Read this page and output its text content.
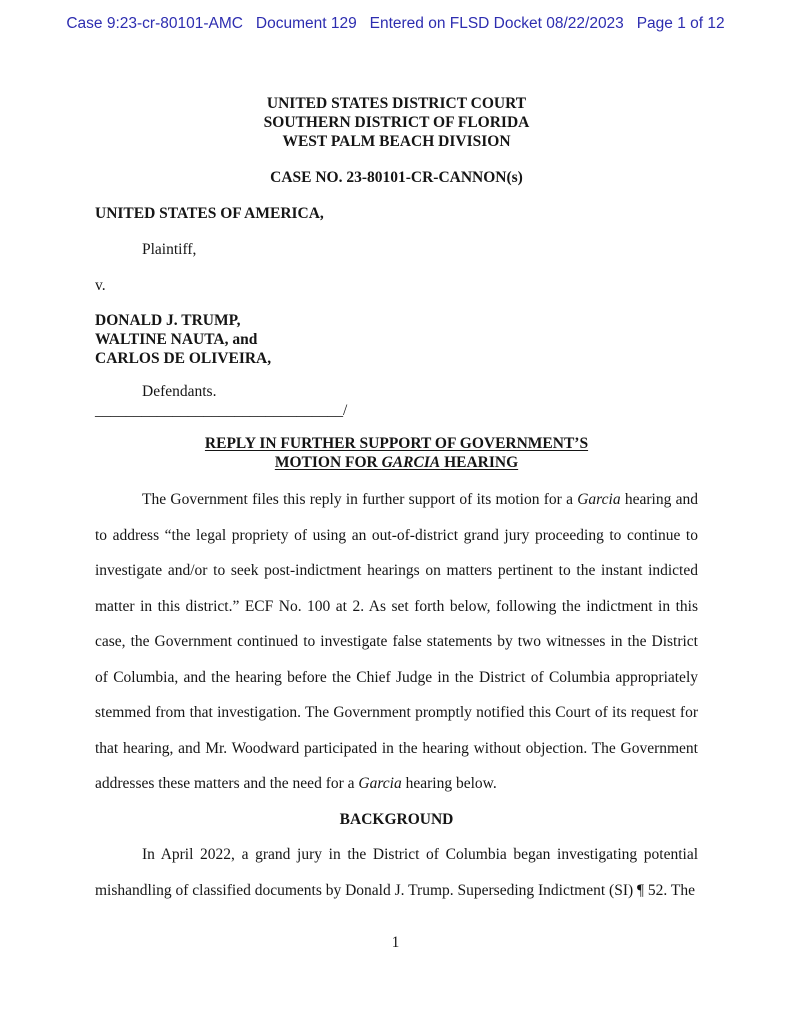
Case 9:23-cr-80101-AMC   Document 129   Entered on FLSD Docket 08/22/2023   Page 1 of 12
UNITED STATES DISTRICT COURT
SOUTHERN DISTRICT OF FLORIDA
WEST PALM BEACH DIVISION
CASE NO. 23-80101-CR-CANNON(s)
UNITED STATES OF AMERICA,
Plaintiff,
v.
DONALD J. TRUMP,
WALTINE NAUTA, and
CARLOS DE OLIVEIRA,
Defendants.
________________________________/
REPLY IN FURTHER SUPPORT OF GOVERNMENT’S
MOTION FOR GARCIA HEARING

The Government files this reply in further support of its motion for a Garcia hearing and to address “the legal propriety of using an out-of-district grand jury proceeding to continue to investigate and/or to seek post-indictment hearings on matters pertinent to the instant indicted matter in this district.” ECF No. 100 at 2. As set forth below, following the indictment in this case, the Government continued to investigate false statements by two witnesses in the District of Columbia, and the hearing before the Chief Judge in the District of Columbia appropriately stemmed from that investigation. The Government promptly notified this Court of its request for that hearing, and Mr. Woodward participated in the hearing without objection. The Government addresses these matters and the need for a Garcia hearing below.

BACKGROUND

In April 2022, a grand jury in the District of Columbia began investigating potential mishandling of classified documents by Donald J. Trump. Superseding Indictment (SI) ¶ 52. The

1
